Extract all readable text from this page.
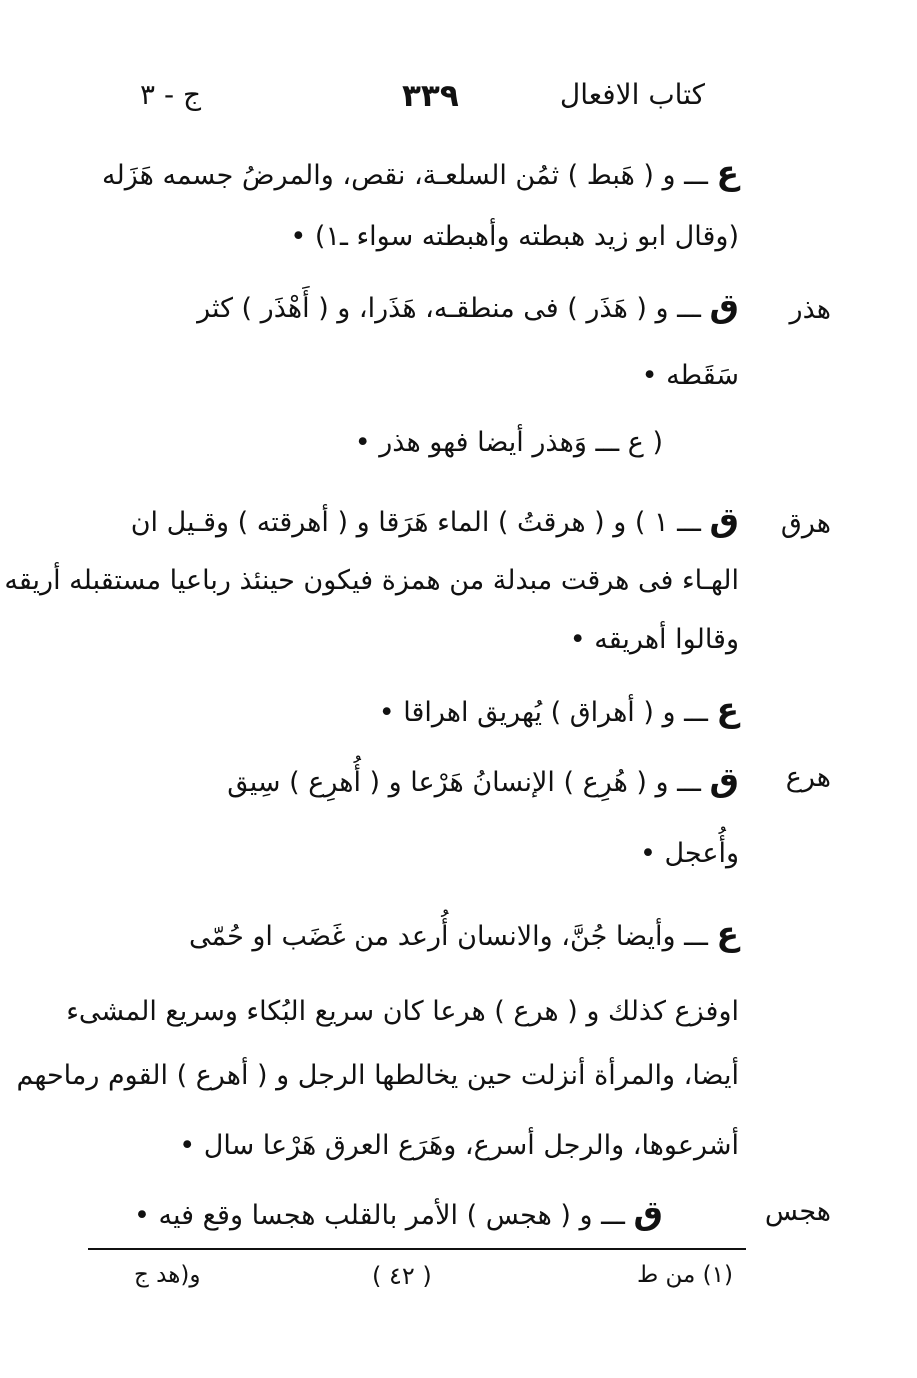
كتاب الافعال
٣٣٩
ج - ٣
هذر
هرق
هرع
هجس
ع ـــ و ( هَبط ) ثمُن السلعـة، نقص، والمرضُ جسمه هَزَله
(وقال ابو زيد هبطته وأهبطته سواء ـ١) •
ق ـــ و ( هَذَر ) فى منطقـه، هَذَرا، و ( أَهْذَر ) كثر
سَقَطه •
( ع ـــ وَهذر أيضا فهو هذر •
ق ـــ ١ ) و ( هرقتُ ) الماء هَرَقا و ( أهرقته ) وقـيل ان
الهـاء فى هرقت مبدلة من همزة فيكون حينئذ رباعيا مستقبله أريقه
وقالوا أهريقه •
ع ـــ و ( أهراق ) يُهريق اهراقا •
ق ـــ و ( هُرِع ) الإنسانُ هَرْعا و ( أُهرِع ) سِيق
وأُعجل •
ع ـــ وأيضا جُنَّ، والانسان أُرعد من غَضَب او حُمّى
اوفزع كذلك و ( هرع ) هرعا كان سريع البُكاء وسريع المشىء
أيضا، والمرأة أنزلت حين يخالطها الرجل و ( أهرع ) القوم رماحهم
أشرعوها، والرجل أسرع، وهَرَع العرق هَرْعا سال •
ق ـــ و ( هجس ) الأمر بالقلب هجسا وقع فيه •
(١) من ط
( ٤٢ )
و(هد ج
